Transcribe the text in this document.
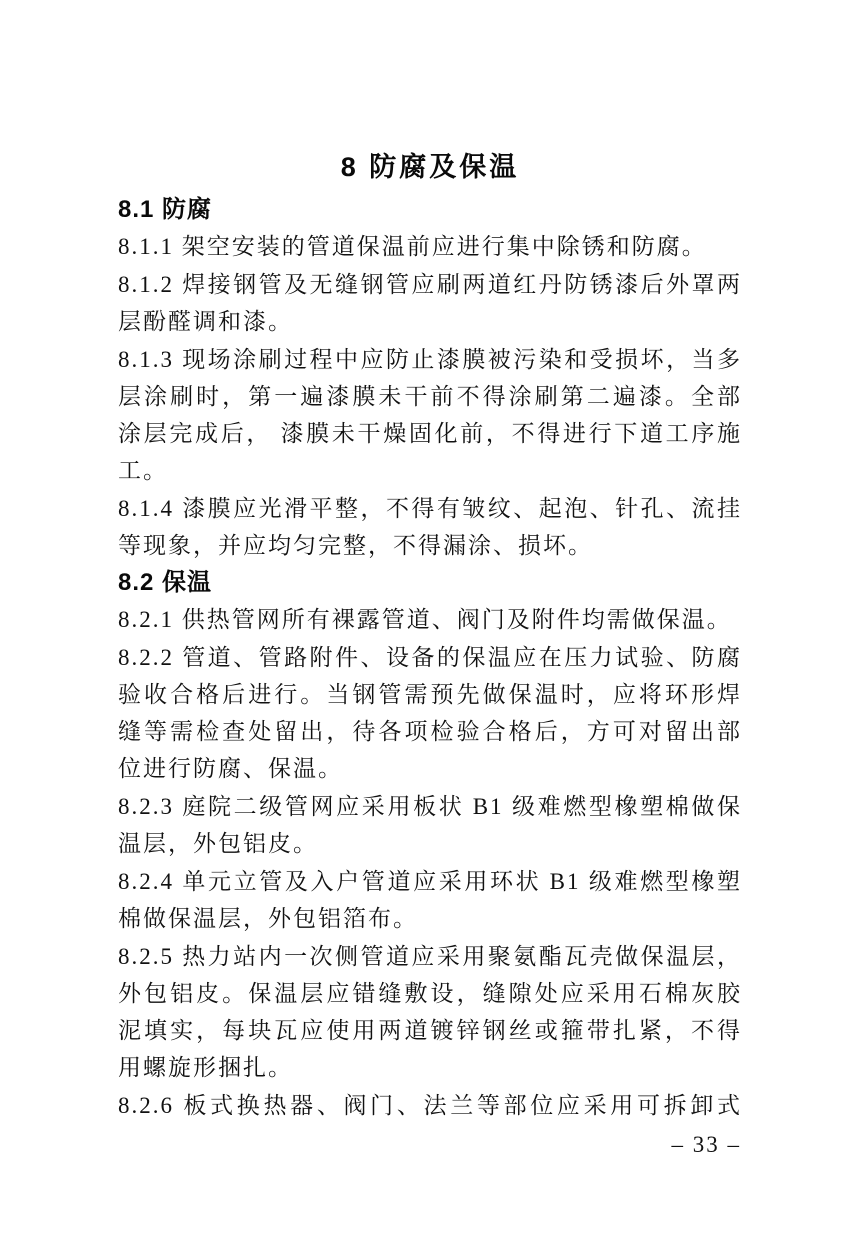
8 防腐及保温
8.1 防腐

8.1.1 架空安装的管道保温前应进行集中除锈和防腐。

8.1.2 焊接钢管及无缝钢管应刷两道红丹防锈漆后外罩两层酚醛调和漆。

8.1.3 现场涂刷过程中应防止漆膜被污染和受损坏，当多层涂刷时，第一遍漆膜未干前不得涂刷第二遍漆。全部涂层完成后， 漆膜未干燥固化前，不得进行下道工序施工。

8.1.4 漆膜应光滑平整，不得有皱纹、起泡、针孔、流挂等现象，并应均匀完整，不得漏涂、损坏。

8.2 保温

8.2.1 供热管网所有裸露管道、阀门及附件均需做保温。

8.2.2 管道、管路附件、设备的保温应在压力试验、防腐验收合格后进行。当钢管需预先做保温时，应将环形焊缝等需检查处留出，待各项检验合格后，方可对留出部位进行防腐、保温。

8.2.3 庭院二级管网应采用板状 B1 级难燃型橡塑棉做保温层，外包铝皮。

8.2.4 单元立管及入户管道应采用环状 B1 级难燃型橡塑棉做保温层，外包铝箔布。

8.2.5 热力站内一次侧管道应采用聚氨酯瓦壳做保温层，外包铝皮。保温层应错缝敷设，缝隙处应采用石棉灰胶泥填实，每块瓦应使用两道镀锌钢丝或箍带扎紧，不得用螺旋形捆扎。

8.2.6 板式换热器、阀门、法兰等部位应采用可拆卸式

– 33 –
